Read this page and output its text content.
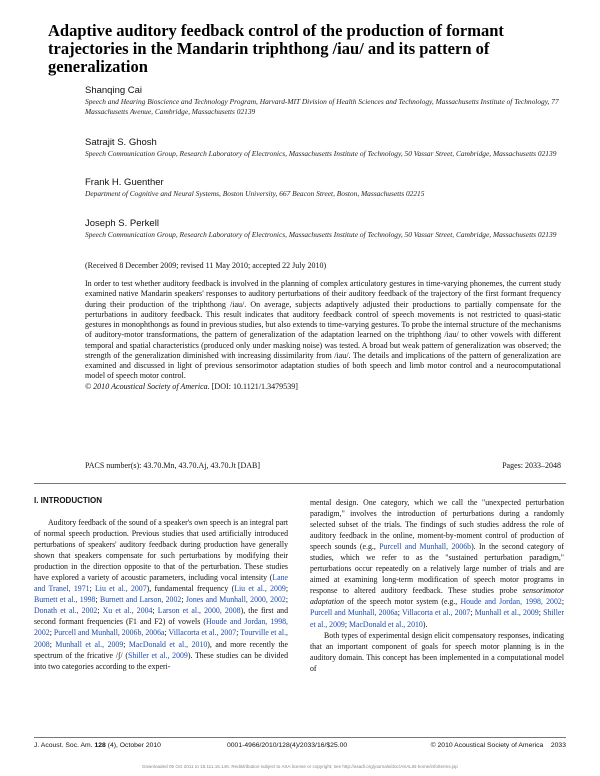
Adaptive auditory feedback control of the production of formant trajectories in the Mandarin triphthong /iau/ and its pattern of generalization
Shanqing Cai
Speech and Hearing Bioscience and Technology Program, Harvard-MIT Division of Health Sciences and Technology, Massachusetts Institute of Technology, 77 Massachusetts Avenue, Cambridge, Massachusetts 02139
Satrajit S. Ghosh
Speech Communication Group, Research Laboratory of Electronics, Massachusetts Institute of Technology, 50 Vassar Street, Cambridge, Massachusetts 02139
Frank H. Guenther
Department of Cognitive and Neural Systems, Boston University, 667 Beacon Street, Boston, Massachusetts 02215
Joseph S. Perkell
Speech Communication Group, Research Laboratory of Electronics, Massachusetts Institute of Technology, 50 Vassar Street, Cambridge, Massachusetts 02139
(Received 8 December 2009; revised 11 May 2010; accepted 22 July 2010)

In order to test whether auditory feedback is involved in the planning of complex articulatory gestures in time-varying phonemes, the current study examined native Mandarin speakers' responses to auditory perturbations of their auditory feedback of the trajectory of the first formant frequency during their production of the triphthong /iau/. On average, subjects adaptively adjusted their productions to partially compensate for the perturbations in auditory feedback. This result indicates that auditory feedback control of speech movements is not restricted to quasi-static gestures in monophthongs as found in previous studies, but also extends to time-varying gestures. To probe the internal structure of the mechanisms of auditory-motor transformations, the pattern of generalization of the adaptation learned on the triphthong /iau/ to other vowels with different temporal and spatial characteristics (produced only under masking noise) was tested. A broad but weak pattern of generalization was observed; the strength of the generalization diminished with increasing dissimilarity from /iau/. The details and implications of the pattern of generalization are examined and discussed in light of previous sensorimotor adaptation studies of both speech and limb motor control and a neurocomputational model of speech motor control.
© 2010 Acoustical Society of America. [DOI: 10.1121/1.3479539]

PACS number(s): 43.70.Mn, 43.70.Aj, 43.70.Jt [DAB]	Pages: 2033–2048
I. INTRODUCTION

Auditory feedback of the sound of a speaker's own speech is an integral part of normal speech production. Previous studies that used artificially introduced perturbations of speakers' auditory feedback during production have generally shown that speakers compensate for such perturbations by modifying their production in the direction opposite to that of the perturbation. These studies have explored a variety of acoustic parameters, including vocal intensity (Lane and Tranel, 1971; Liu et al., 2007), fundamental frequency (Liu et al., 2009; Burnett et al., 1998; Burnett and Larson, 2002; Jones and Munhall, 2000, 2002; Donath et al., 2002; Xu et al., 2004; Larson et al., 2000, 2008), the first and second formant frequencies (F1 and F2) of vowels (Houde and Jordan, 1998, 2002; Purcell and Munhall, 2006b, 2006a; Villacorta et al., 2007; Tourville et al., 2008; Munhall et al., 2009; MacDonald et al., 2010), and more recently the spectrum of the fricative /ʃ/ (Shiller et al., 2009). These studies can be divided into two categories according to the experi-

mental design. One category, which we call the "unexpected perturbation paradigm," involves the introduction of perturbations during a randomly selected subset of the trials. The findings of such studies address the role of auditory feedback in the online, moment-by-moment control of production of speech sounds (e.g., Purcell and Munhall, 2006b). In the second category of studies, which we refer to as the "sustained perturbation paradigm," perturbations occur repeatedly on a relatively large number of trials and are aimed at examining long-term modification of speech motor programs in response to altered auditory feedback. These studies probe sensorimotor adaptation of the speech motor system (e.g., Houde and Jordan, 1998, 2002; Purcell and Munhall, 2006a; Villacorta et al., 2007; Munhall et al., 2009; Shiller et al., 2009; MacDonald et al., 2010).

Both types of experimental design elicit compensatory responses, indicating that an important component of goals for speech motor planning is in the auditory domain. This concept has been implemented in a computational model of

J. Acoust. Soc. Am. 128 (4), October 2010	0001-4966/2010/128(4)/2033/16/$25.00	© 2010 Acoustical Society of America 2033
Downloaded 05 Oct 2011 to 18.111.16.146. Redistribution subject to ASA license or copyright; see http://asadl.org/journals/doc/ASALIB-home/info/terms.jsp
